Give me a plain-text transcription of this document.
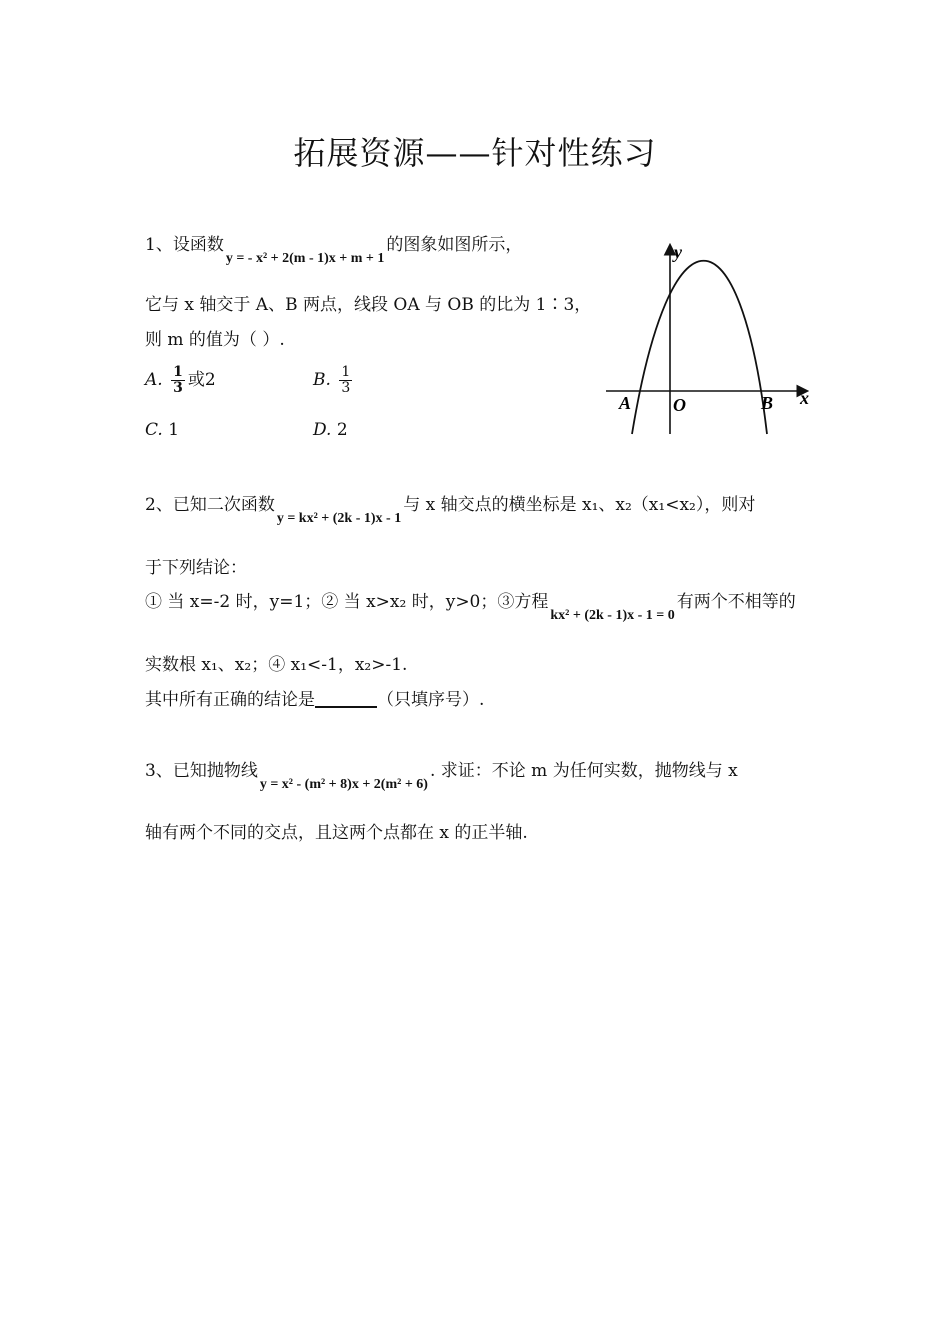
拓展资源——针对性练习
1、设函数y = - x² + 2(m - 1)x + m + 1的图象如图所示，
它与 x 轴交于 A、B 两点，线段 OA 与 OB 的比为 1∶3，
则 m 的值为（ ）.
A. $\frac{1}{3}$ 或2	B. $\frac{1}{3}$
C. 1	D. 2
y
x
A O	B
2、已知二次函数y = kx² + (2k - 1)x - 1与 x 轴交点的横坐标是 x₁、x₂（x₁<x₂），则对
于下列结论：
① 当 x=-2 时，y=1；② 当 x>x₂ 时，y>0；③方程kx² + (2k - 1)x - 1 = 0有两个不相等的
实数根 x₁、x₂；④ x₁<-1，x₂>-1.
其中所有正确的结论是	（只填序号）.
3、已知抛物线y = x² - (m² + 8)x + 2(m² + 6). 求证：不论 m 为任何实数，抛物线与 x
轴有两个不同的交点，且这两个点都在 x 的正半轴.
